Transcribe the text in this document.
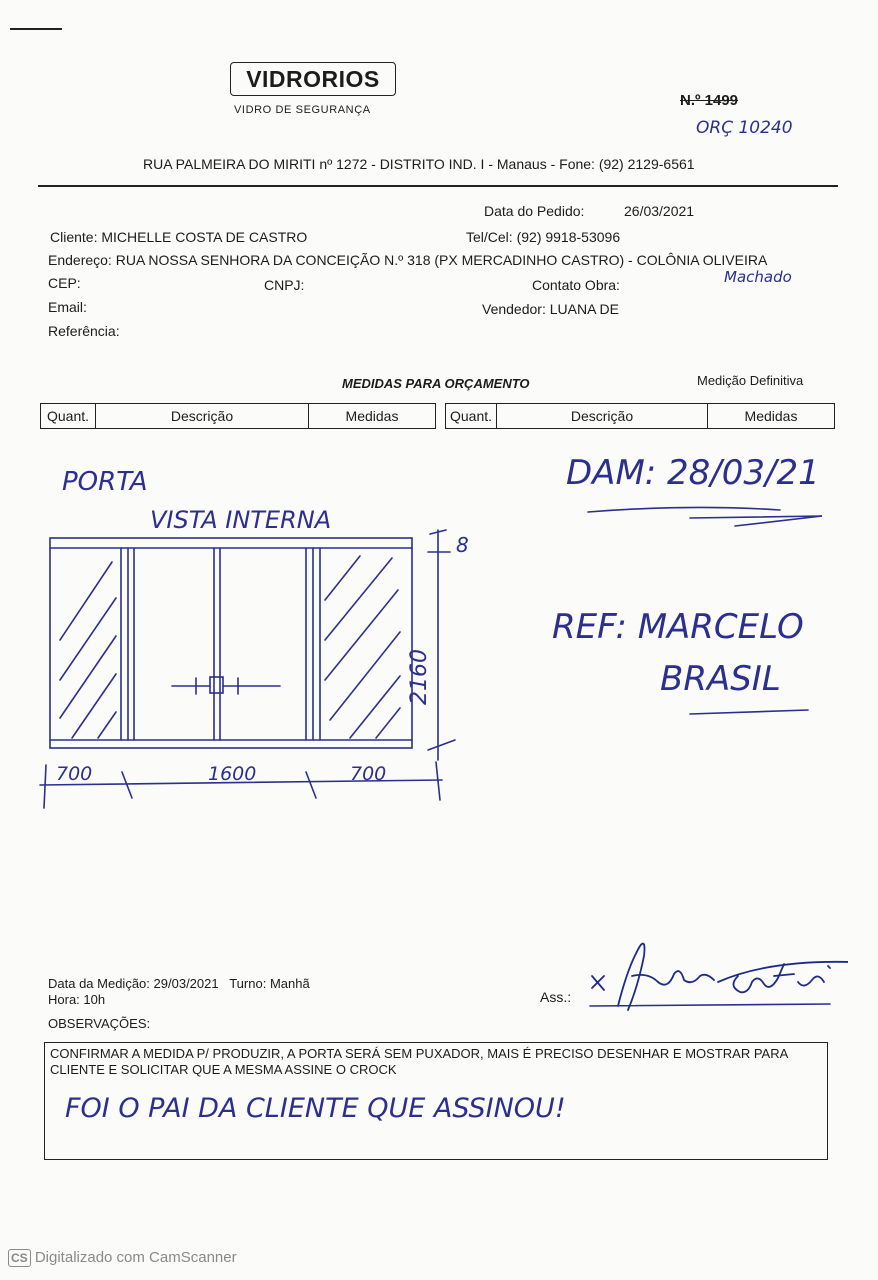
VIDRORIOS
VIDRO DE SEGURANÇA
N.º 1499
ORÇ 10240
RUA PALMEIRA DO MIRITI nº 1272 - DISTRITO IND. I - Manaus - Fone: (92) 2129-6561
Data do Pedido:	26/03/2021
Cliente: MICHELLE COSTA DE CASTRO	Tel/Cel: (92) 9918-53096
Endereço: RUA NOSSA SENHORA DA CONCEIÇÃO N.º 318 (PX MERCADINHO CASTRO) - COLÔNIA OLIVEIRA
Machado
CEP:	CNPJ:	Contato Obra:
Email:	Vendedor: LUANA DE
Referência:
MEDIDAS PARA ORÇAMENTO	Medição Definitiva
Quant.	Descrição	Medidas	Quant.	Descrição	Medidas
PORTA
VISTA INTERNA
8
2160
700	1600	700
DAM: 28/03/21
REF: MARCELO
BRASIL
Data da Medição: 29/03/2021 Turno: Manhã
Hora: 10h
OBSERVAÇÕES:
Ass.:
CONFIRMAR A MEDIDA P/ PRODUZIR, A PORTA SERÁ SEM PUXADOR, MAIS É PRECISO DESENHAR E MOSTRAR PARA CLIENTE E SOLICITAR QUE A MESMA ASSINE O CROCK
FOI O PAI DA CLIENTE QUE ASSINOU!
CS Digitalizado com CamScanner
